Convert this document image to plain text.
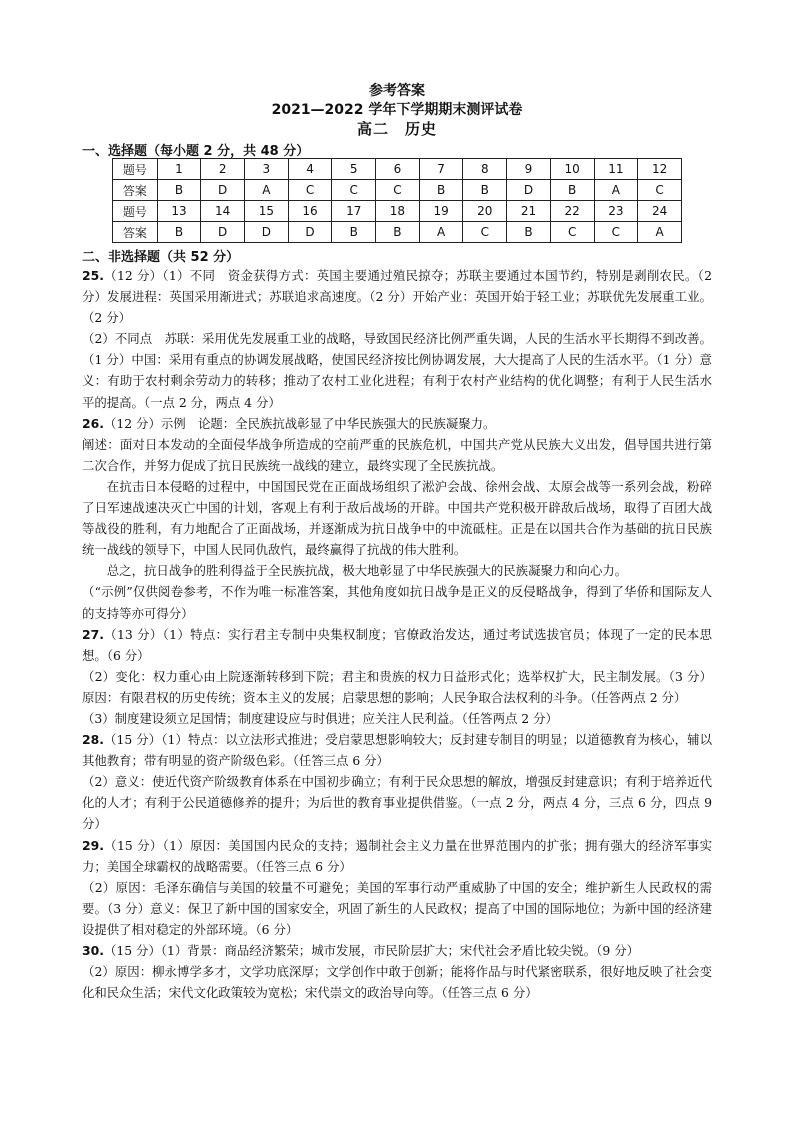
参考答案
2021—2022 学年下学期期末测评试卷
高二　历史
一、选择题（每小题 2 分，共 48 分）
题号	1	2	3	4	5	6	7	8	9	10	11	12
答案	B	D	A	C	C	C	B	B	D	B	A	C
题号	13	14	15	16	17	18	19	20	21	22	23	24
答案	B	D	D	D	B	B	A	C	B	C	C	A
二、非选择题（共 52 分）

25.（12 分）（1）不同　资金获得方式：英国主要通过殖民掠夺；苏联主要通过本国节约，特别是剥削农民。（2 分）发展进程：英国采用渐进式；苏联追求高速度。（2 分）开始产业：英国开始于轻工业；苏联优先发展重工业。（2 分）

（2）不同点　苏联：采用优先发展重工业的战略，导致国民经济比例严重失调，人民的生活水平长期得不到改善。（1 分）中国：采用有重点的协调发展战略，使国民经济按比例协调发展，大大提高了人民的生活水平。（1 分）意义：有助于农村剩余劳动力的转移；推动了农村工业化进程；有利于农村产业结构的优化调整；有利于人民生活水平的提高。（一点 2 分，两点 4 分）

26.（12 分）示例　论题：全民族抗战彰显了中华民族强大的民族凝聚力。

阐述：面对日本发动的全面侵华战争所造成的空前严重的民族危机，中国共产党从民族大义出发，倡导国共进行第二次合作，并努力促成了抗日民族统一战线的建立，最终实现了全民族抗战。

在抗击日本侵略的过程中，中国国民党在正面战场组织了淞沪会战、徐州会战、太原会战等一系列会战，粉碎了日军速战速决灭亡中国的计划，客观上有利于敌后战场的开辟。中国共产党积极开辟敌后战场，取得了百团大战等战役的胜利，有力地配合了正面战场，并逐渐成为抗日战争中的中流砥柱。正是在以国共合作为基础的抗日民族统一战线的领导下，中国人民同仇敌忾，最终赢得了抗战的伟大胜利。

总之，抗日战争的胜利得益于全民族抗战，极大地彰显了中华民族强大的民族凝聚力和向心力。

（“示例”仅供阅卷参考，不作为唯一标准答案，其他角度如抗日战争是正义的反侵略战争，得到了华侨和国际友人的支持等亦可得分）

27.（13 分）（1）特点：实行君主专制中央集权制度；官僚政治发达，通过考试选拔官员；体现了一定的民本思想。（6 分）

（2）变化：权力重心由上院逐渐转移到下院；君主和贵族的权力日益形式化；选举权扩大，民主制发展。（3 分）原因：有限君权的历史传统；资本主义的发展；启蒙思想的影响；人民争取合法权利的斗争。（任答两点 2 分）

（3）制度建设须立足国情；制度建设应与时俱进；应关注人民利益。（任答两点 2 分）

28.（15 分）（1）特点：以立法形式推进；受启蒙思想影响较大；反封建专制目的明显；以道德教育为核心，辅以其他教育；带有明显的资产阶级色彩。（任答三点 6 分）

（2）意义：使近代资产阶级教育体系在中国初步确立；有利于民众思想的解放，增强反封建意识；有利于培养近代化的人才；有利于公民道德修养的提升；为后世的教育事业提供借鉴。（一点 2 分，两点 4 分，三点 6 分，四点 9 分）

29.（15 分）（1）原因：美国国内民众的支持；遏制社会主义力量在世界范围内的扩张；拥有强大的经济军事实力；美国全球霸权的战略需要。（任答三点 6 分）

（2）原因：毛泽东确信与美国的较量不可避免；美国的军事行动严重威胁了中国的安全；维护新生人民政权的需要。（3 分）意义：保卫了新中国的国家安全，巩固了新生的人民政权；提高了中国的国际地位；为新中国的经济建设提供了相对稳定的外部环境。（6 分）

30.（15 分）（1）背景：商品经济繁荣；城市发展，市民阶层扩大；宋代社会矛盾比较尖锐。（9 分）

（2）原因：柳永博学多才，文学功底深厚；文学创作中敢于创新；能将作品与时代紧密联系，很好地反映了社会变化和民众生活；宋代文化政策较为宽松；宋代崇文的政治导向等。（任答三点 6 分）
